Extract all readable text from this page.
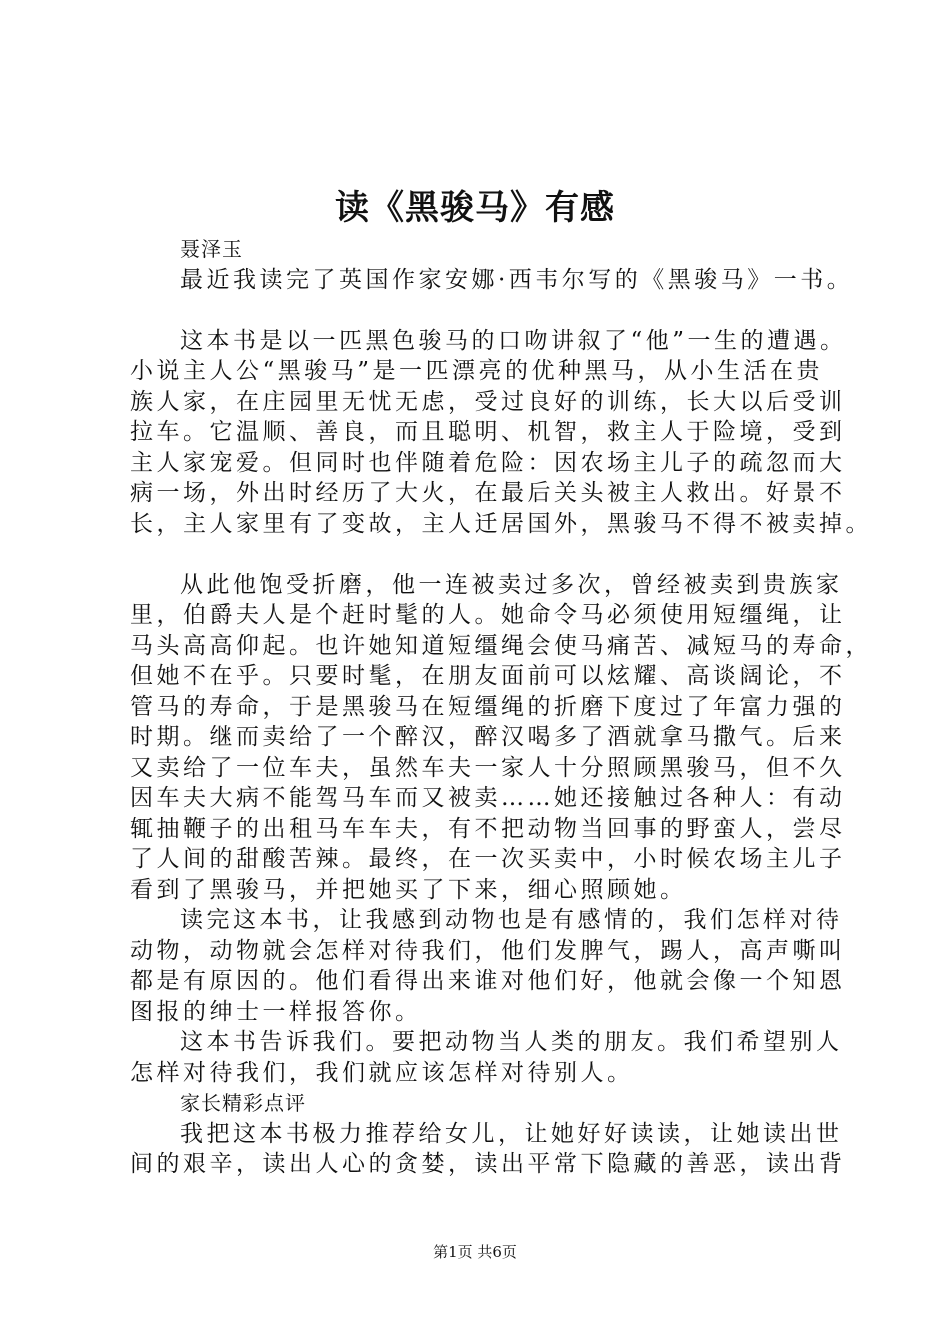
读《黑骏马》有感
聂泽玉
最近我读完了英国作家安娜·西韦尔写的《黑骏马》一书。
这本书是以一匹黑色骏马的口吻讲叙了“他”一生的遭遇。
小说主人公“黑骏马”是一匹漂亮的优种黑马，从小生活在贵
族人家，在庄园里无忧无虑，受过良好的训练，长大以后受训
拉车。它温顺、善良，而且聪明、机智，救主人于险境，受到
主人家宠爱。但同时也伴随着危险：因农场主儿子的疏忽而大
病一场，外出时经历了大火，在最后关头被主人救出。好景不
长，主人家里有了变故，主人迁居国外，黑骏马不得不被卖掉。
从此他饱受折磨，他一连被卖过多次，曾经被卖到贵族家
里，伯爵夫人是个赶时髦的人。她命令马必须使用短缰绳，让
马头高高仰起。也许她知道短缰绳会使马痛苦、减短马的寿命，
但她不在乎。只要时髦，在朋友面前可以炫耀、高谈阔论，不
管马的寿命，于是黑骏马在短缰绳的折磨下度过了年富力强的
时期。继而卖给了一个醉汉，醉汉喝多了酒就拿马撒气。后来
又卖给了一位车夫，虽然车夫一家人十分照顾黑骏马，但不久
因车夫大病不能驾马车而又被卖……她还接触过各种人：有动
辄抽鞭子的出租马车车夫，有不把动物当回事的野蛮人，尝尽
了人间的甜酸苦辣。最终，在一次买卖中，小时候农场主儿子
看到了黑骏马，并把她买了下来，细心照顾她。
读完这本书，让我感到动物也是有感情的，我们怎样对待
动物，动物就会怎样对待我们，他们发脾气，踢人，高声嘶叫
都是有原因的。他们看得出来谁对他们好，他就会像一个知恩
图报的绅士一样报答你。
这本书告诉我们。要把动物当人类的朋友。我们希望别人
怎样对待我们，我们就应该怎样对待别人。
家长精彩点评
我把这本书极力推荐给女儿，让她好好读读，让她读出世
间的艰辛，读出人心的贪婪，读出平常下隐藏的善恶，读出背
第1页 共6页
